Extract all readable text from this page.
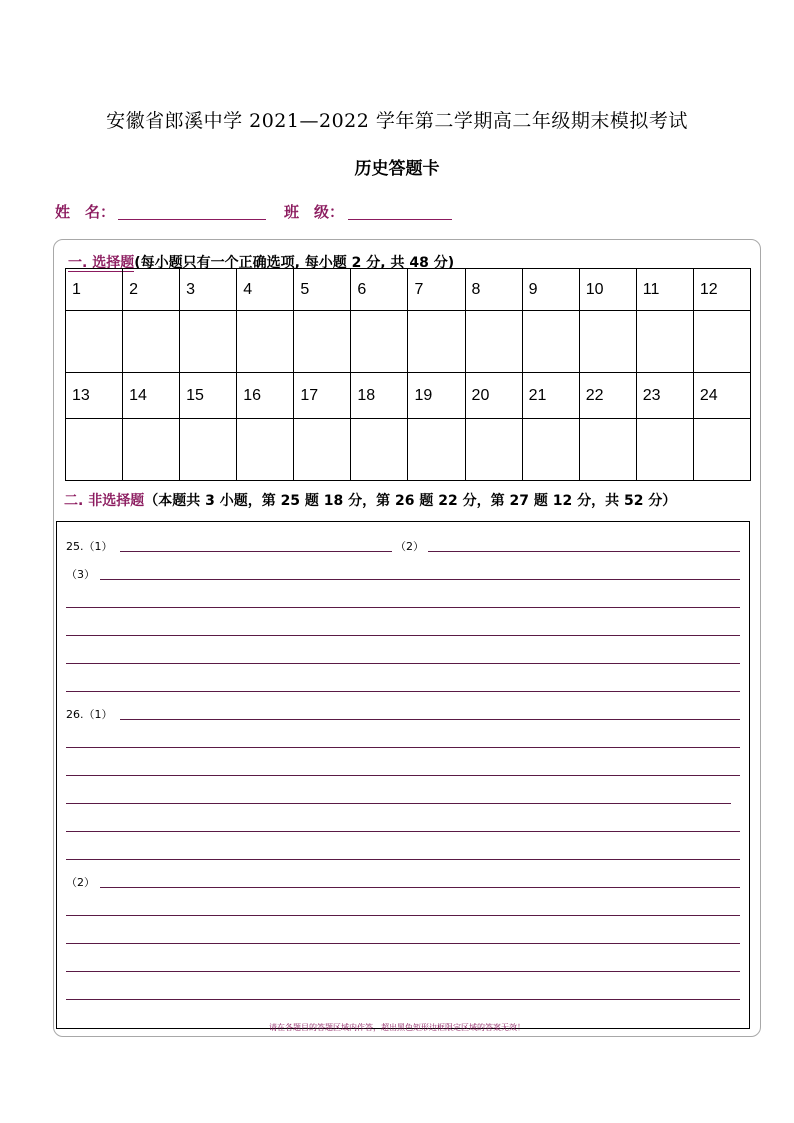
安徽省郎溪中学 2021—2022 学年第二学期高二年级期末模拟考试
历史答题卡
姓　名：	班　级：
一. 选择题(每小题只有一个正确选项, 每小题 2 分, 共 48 分)
1	2	3	4	5	6	7	8	9	10	11	12

13	14	15	16	17	18	19	20	21	22	23	24

二. 非选择题（本题共 3 小题，第 25 题 18 分，第 26 题 22 分，第 27 题 12 分，共 52 分）
25.（1）	（2）
（3）
26.（1）
（2）
请在各题目的答题区域内作答，超出黑色矩形边框限定区域的答案无效！
